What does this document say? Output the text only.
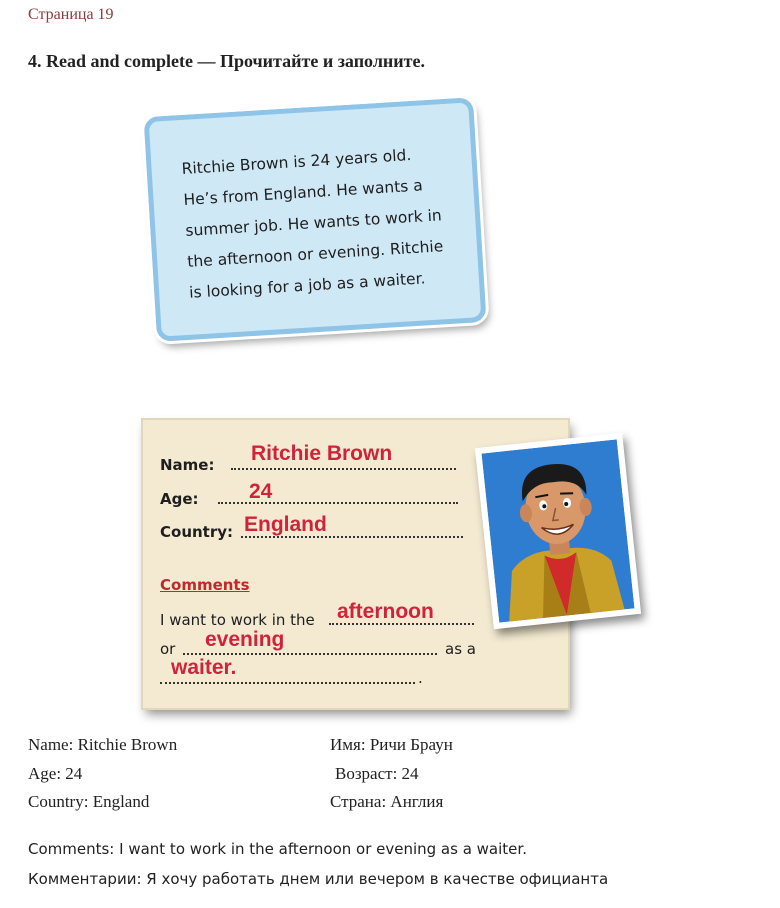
Страница 19
4. Read and complete — Прочитайте и заполните.
Ritchie Brown is 24 years old.
He’s from England. He wants a
summer job. He wants to work in
the afternoon or evening. Ritchie
is looking for a job as a waiter.
Name: Ritchie Brown
Age: 24
Country: England
Comments
I want to work in the afternoon
or evening	as a
waiter.	.
Name: Ritchie Brown	Имя: Ричи Браун
Age: 24	Возраст: 24
Country: England	Страна: Англия
Comments: I want to work in the afternoon or evening as a waiter.
Комментарии: Я хочу работать днем или вечером в качестве официанта
